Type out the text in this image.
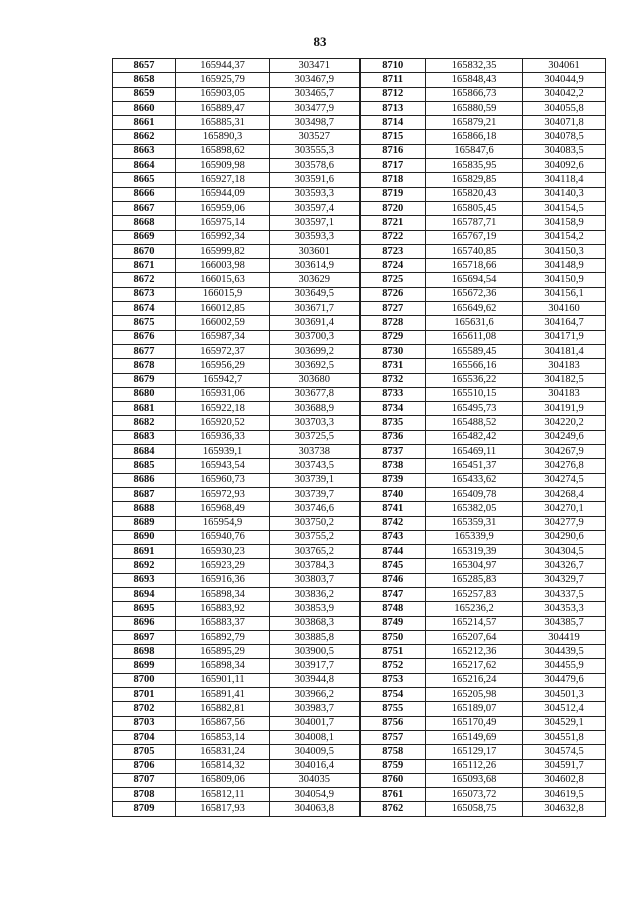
83
8657	165944,37	303471	8710	165832,35	304061
8658	165925,79	303467,9	8711	165848,43	304044,9
8659	165903,05	303465,7	8712	165866,73	304042,2
8660	165889,47	303477,9	8713	165880,59	304055,8
8661	165885,31	303498,7	8714	165879,21	304071,8
8662	165890,3	303527	8715	165866,18	304078,5
8663	165898,62	303555,3	8716	165847,6	304083,5
8664	165909,98	303578,6	8717	165835,95	304092,6
8665	165927,18	303591,6	8718	165829,85	304118,4
8666	165944,09	303593,3	8719	165820,43	304140,3
8667	165959,06	303597,4	8720	165805,45	304154,5
8668	165975,14	303597,1	8721	165787,71	304158,9
8669	165992,34	303593,3	8722	165767,19	304154,2
8670	165999,82	303601	8723	165740,85	304150,3
8671	166003,98	303614,9	8724	165718,66	304148,9
8672	166015,63	303629	8725	165694,54	304150,9
8673	166015,9	303649,5	8726	165672,36	304156,1
8674	166012,85	303671,7	8727	165649,62	304160
8675	166002,59	303691,4	8728	165631,6	304164,7
8676	165987,34	303700,3	8729	165611,08	304171,9
8677	165972,37	303699,2	8730	165589,45	304181,4
8678	165956,29	303692,5	8731	165566,16	304183
8679	165942,7	303680	8732	165536,22	304182,5
8680	165931,06	303677,8	8733	165510,15	304183
8681	165922,18	303688,9	8734	165495,73	304191,9
8682	165920,52	303703,3	8735	165488,52	304220,2
8683	165936,33	303725,5	8736	165482,42	304249,6
8684	165939,1	303738	8737	165469,11	304267,9
8685	165943,54	303743,5	8738	165451,37	304276,8
8686	165960,73	303739,1	8739	165433,62	304274,5
8687	165972,93	303739,7	8740	165409,78	304268,4
8688	165968,49	303746,6	8741	165382,05	304270,1
8689	165954,9	303750,2	8742	165359,31	304277,9
8690	165940,76	303755,2	8743	165339,9	304290,6
8691	165930,23	303765,2	8744	165319,39	304304,5
8692	165923,29	303784,3	8745	165304,97	304326,7
8693	165916,36	303803,7	8746	165285,83	304329,7
8694	165898,34	303836,2	8747	165257,83	304337,5
8695	165883,92	303853,9	8748	165236,2	304353,3
8696	165883,37	303868,3	8749	165214,57	304385,7
8697	165892,79	303885,8	8750	165207,64	304419
8698	165895,29	303900,5	8751	165212,36	304439,5
8699	165898,34	303917,7	8752	165217,62	304455,9
8700	165901,11	303944,8	8753	165216,24	304479,6
8701	165891,41	303966,2	8754	165205,98	304501,3
8702	165882,81	303983,7	8755	165189,07	304512,4
8703	165867,56	304001,7	8756	165170,49	304529,1
8704	165853,14	304008,1	8757	165149,69	304551,8
8705	165831,24	304009,5	8758	165129,17	304574,5
8706	165814,32	304016,4	8759	165112,26	304591,7
8707	165809,06	304035	8760	165093,68	304602,8
8708	165812,11	304054,9	8761	165073,72	304619,5
8709	165817,93	304063,8	8762	165058,75	304632,8
